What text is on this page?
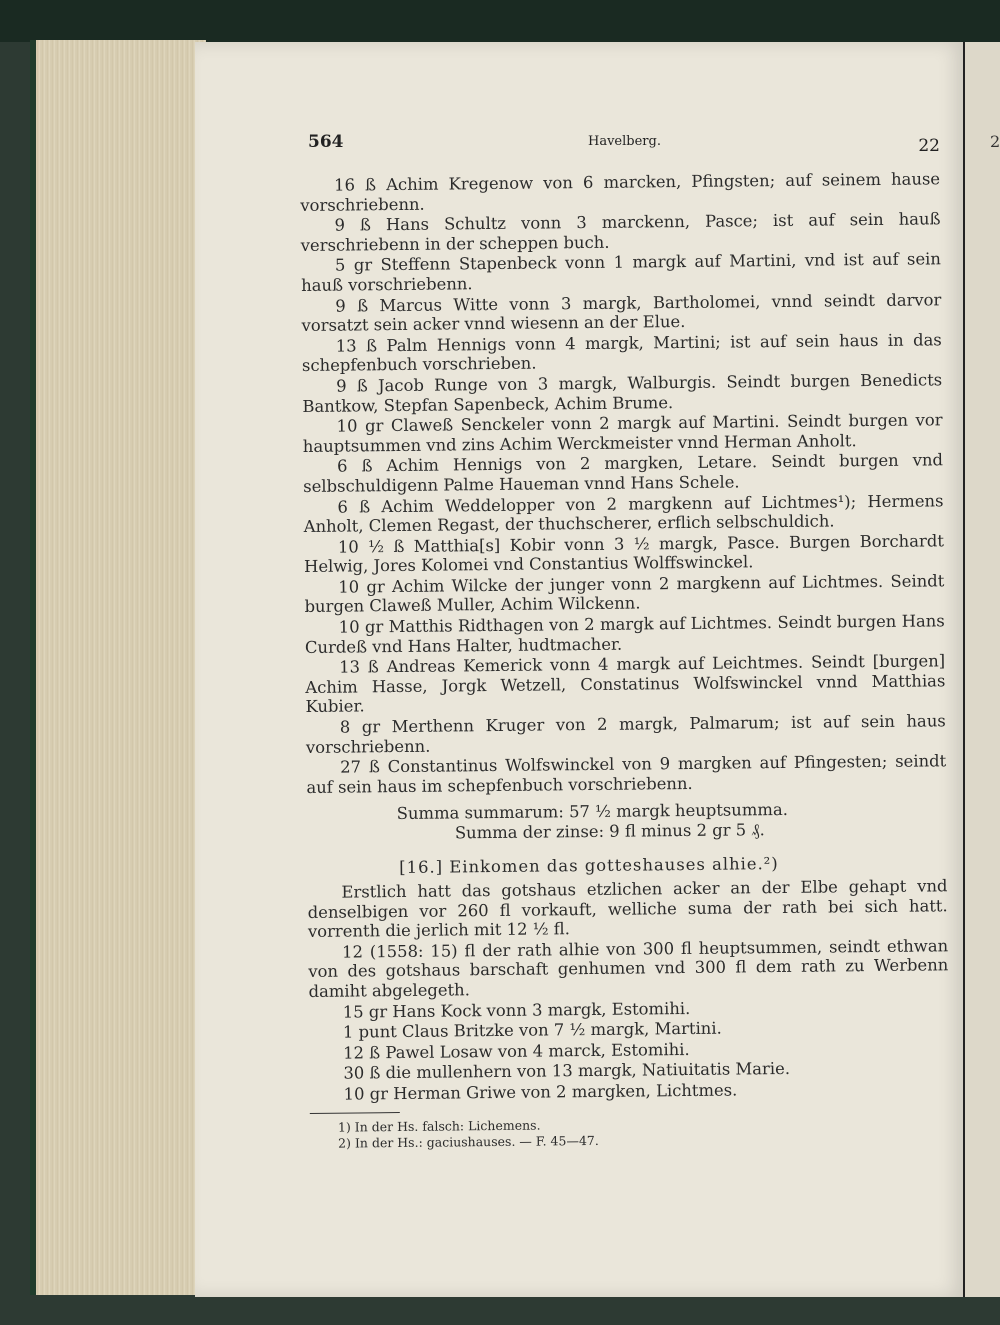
2
564	Havelberg.	22
16 ß Achim Kregenow von 6 marcken, Pfingsten; auf seinem hause vorschriebenn.
9 ß Hans Schultz vonn 3 marckenn, Pasce; ist auf sein hauß verschriebenn in der scheppen buch.
5 gr Steffenn Stapenbeck vonn 1 margk auf Martini, vnd ist auf sein hauß vorschriebenn.
9 ß Marcus Witte vonn 3 margk, Bartholomei, vnnd seindt darvor vorsatzt sein acker vnnd wiesenn an der Elue.
13 ß Palm Hennigs vonn 4 margk, Martini; ist auf sein haus in das schepfenbuch vorschrieben.
9 ß Jacob Runge von 3 margk, Walburgis. Seindt burgen Benedicts Bantkow, Stepfan Sapenbeck, Achim Brume.
10 gr Claweß Senckeler vonn 2 margk auf Martini. Seindt burgen vor hauptsummen vnd zins Achim Werckmeister vnnd Herman Anholt.
6 ß Achim Hennigs von 2 margken, Letare. Seindt burgen vnd selbschuldigenn Palme Haueman vnnd Hans Schele.
6 ß Achim Weddelopper von 2 margkenn auf Lichtmes¹); Hermens Anholt, Clemen Regast, der thuchscherer, erflich selbschuldich.
10 ½ ß Matthia[s] Kobir vonn 3 ½ margk, Pasce. Burgen Borchardt Helwig, Jores Kolomei vnd Constantius Wolffswinckel.
10 gr Achim Wilcke der junger vonn 2 margkenn auf Lichtmes. Seindt burgen Claweß Muller, Achim Wilckenn.
10 gr Matthis Ridthagen von 2 margk auf Lichtmes. Seindt burgen Hans Curdeß vnd Hans Halter, hudtmacher.
13 ß Andreas Kemerick vonn 4 margk auf Leichtmes. Seindt [burgen] Achim Hasse, Jorgk Wetzell, Constatinus Wolfswinckel vnnd Matthias Kubier.
8 gr Merthenn Kruger von 2 margk, Palmarum; ist auf sein haus vorschriebenn.
27 ß Constantinus Wolfswinckel von 9 margken auf Pfingesten; seindt auf sein haus im schepfenbuch vorschriebenn.
Summa summarum: 57 ½ margk heuptsumma.
Summa der zinse: 9 fl minus 2 gr 5 ₰.
[16.] Einkomen das gotteshauses alhie.²)
Erstlich hatt das gotshaus etzlichen acker an der Elbe gehapt vnd denselbigen vor 260 fl vorkauft, welliche suma der rath bei sich hatt. vorrenth die jerlich mit 12 ½ fl.
12 (1558: 15) fl der rath alhie von 300 fl heuptsummen, seindt ethwan von des gotshaus barschaft genhumen vnd 300 fl dem rath zu Werbenn damiht abgelegeth.
15 gr Hans Kock vonn 3 margk, Estomihi.
1 punt Claus Britzke von 7 ½ margk, Martini.
12 ß Pawel Losaw von 4 marck, Estomihi.
30 ß die mullenhern von 13 margk, Natiuitatis Marie.
10 gr Herman Griwe von 2 margken, Lichtmes.
1) In der Hs. falsch: Lichemens.
2) In der Hs.: gaciushauses. — F. 45—47.
